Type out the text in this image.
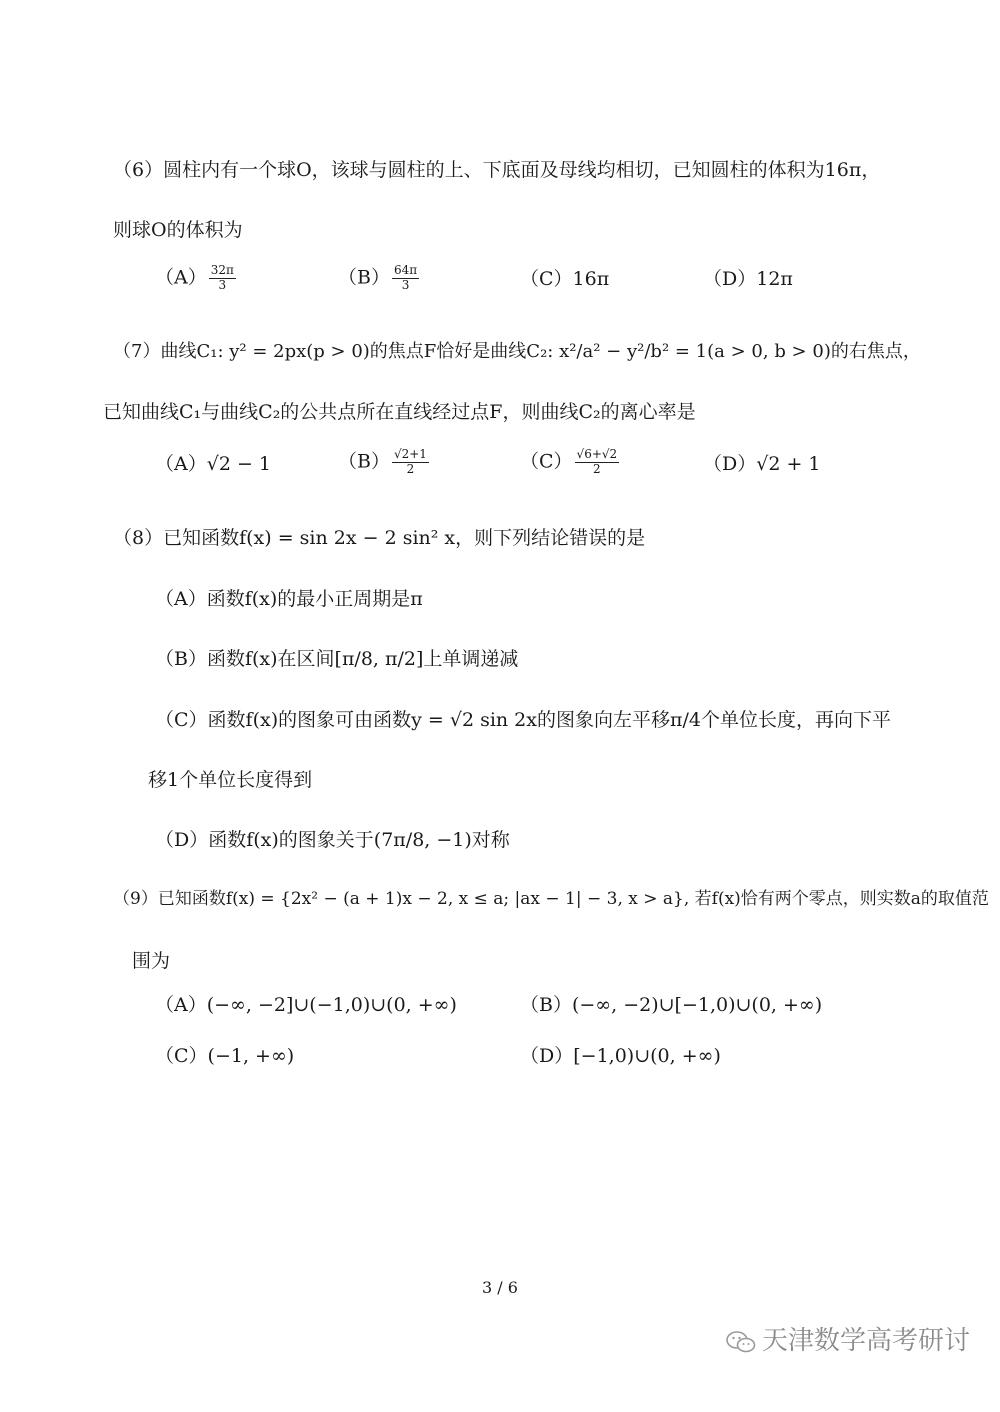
（6）圆柱内有一个球O，该球与圆柱的上、下底面及母线均相切，已知圆柱的体积为16π，
则球O的体积为
$(A) \frac{32\pi}{3}$	$(B) \frac{64\pi}{3}$	（C）16π	（D）12π
（7）曲线C₁: y² = 2px(p > 0)的焦点F恰好是曲线C₂: x²/a² − y²/b² = 1(a > 0, b > 0)的右焦点，
已知曲线C₁与曲线C₂的公共点所在直线经过点F，则曲线C₂的离心率是
（A）√2 − 1	$(B) \frac{√2+1}{2}$	$(C) \frac{√6+√2}{2}$	（D）√2 + 1
（8）已知函数f(x) = sin 2x − 2 sin² x，则下列结论错误的是
（A）函数f(x)的最小正周期是π
（B）函数f(x)在区间[π/8, π/2]上单调递减
（C）函数f(x)的图象可由函数y = √2 sin 2x的图象向左平移π/4个单位长度，再向下平
移1个单位长度得到
（D）函数f(x)的图象关于(7π/8, −1)对称
（9）已知函数f(x) = {2x² − (a + 1)x − 2, x ≤ a; |ax − 1| − 3, x > a}, 若f(x)恰有两个零点，则实数a的取值范
围为
（A）(−∞, −2]∪(−1,0)∪(0, +∞)	（B）(−∞, −2)∪[−1,0)∪(0, +∞)
（C）(−1, +∞)	（D）[−1,0)∪(0, +∞)
3 / 6
天津数学高考研讨
